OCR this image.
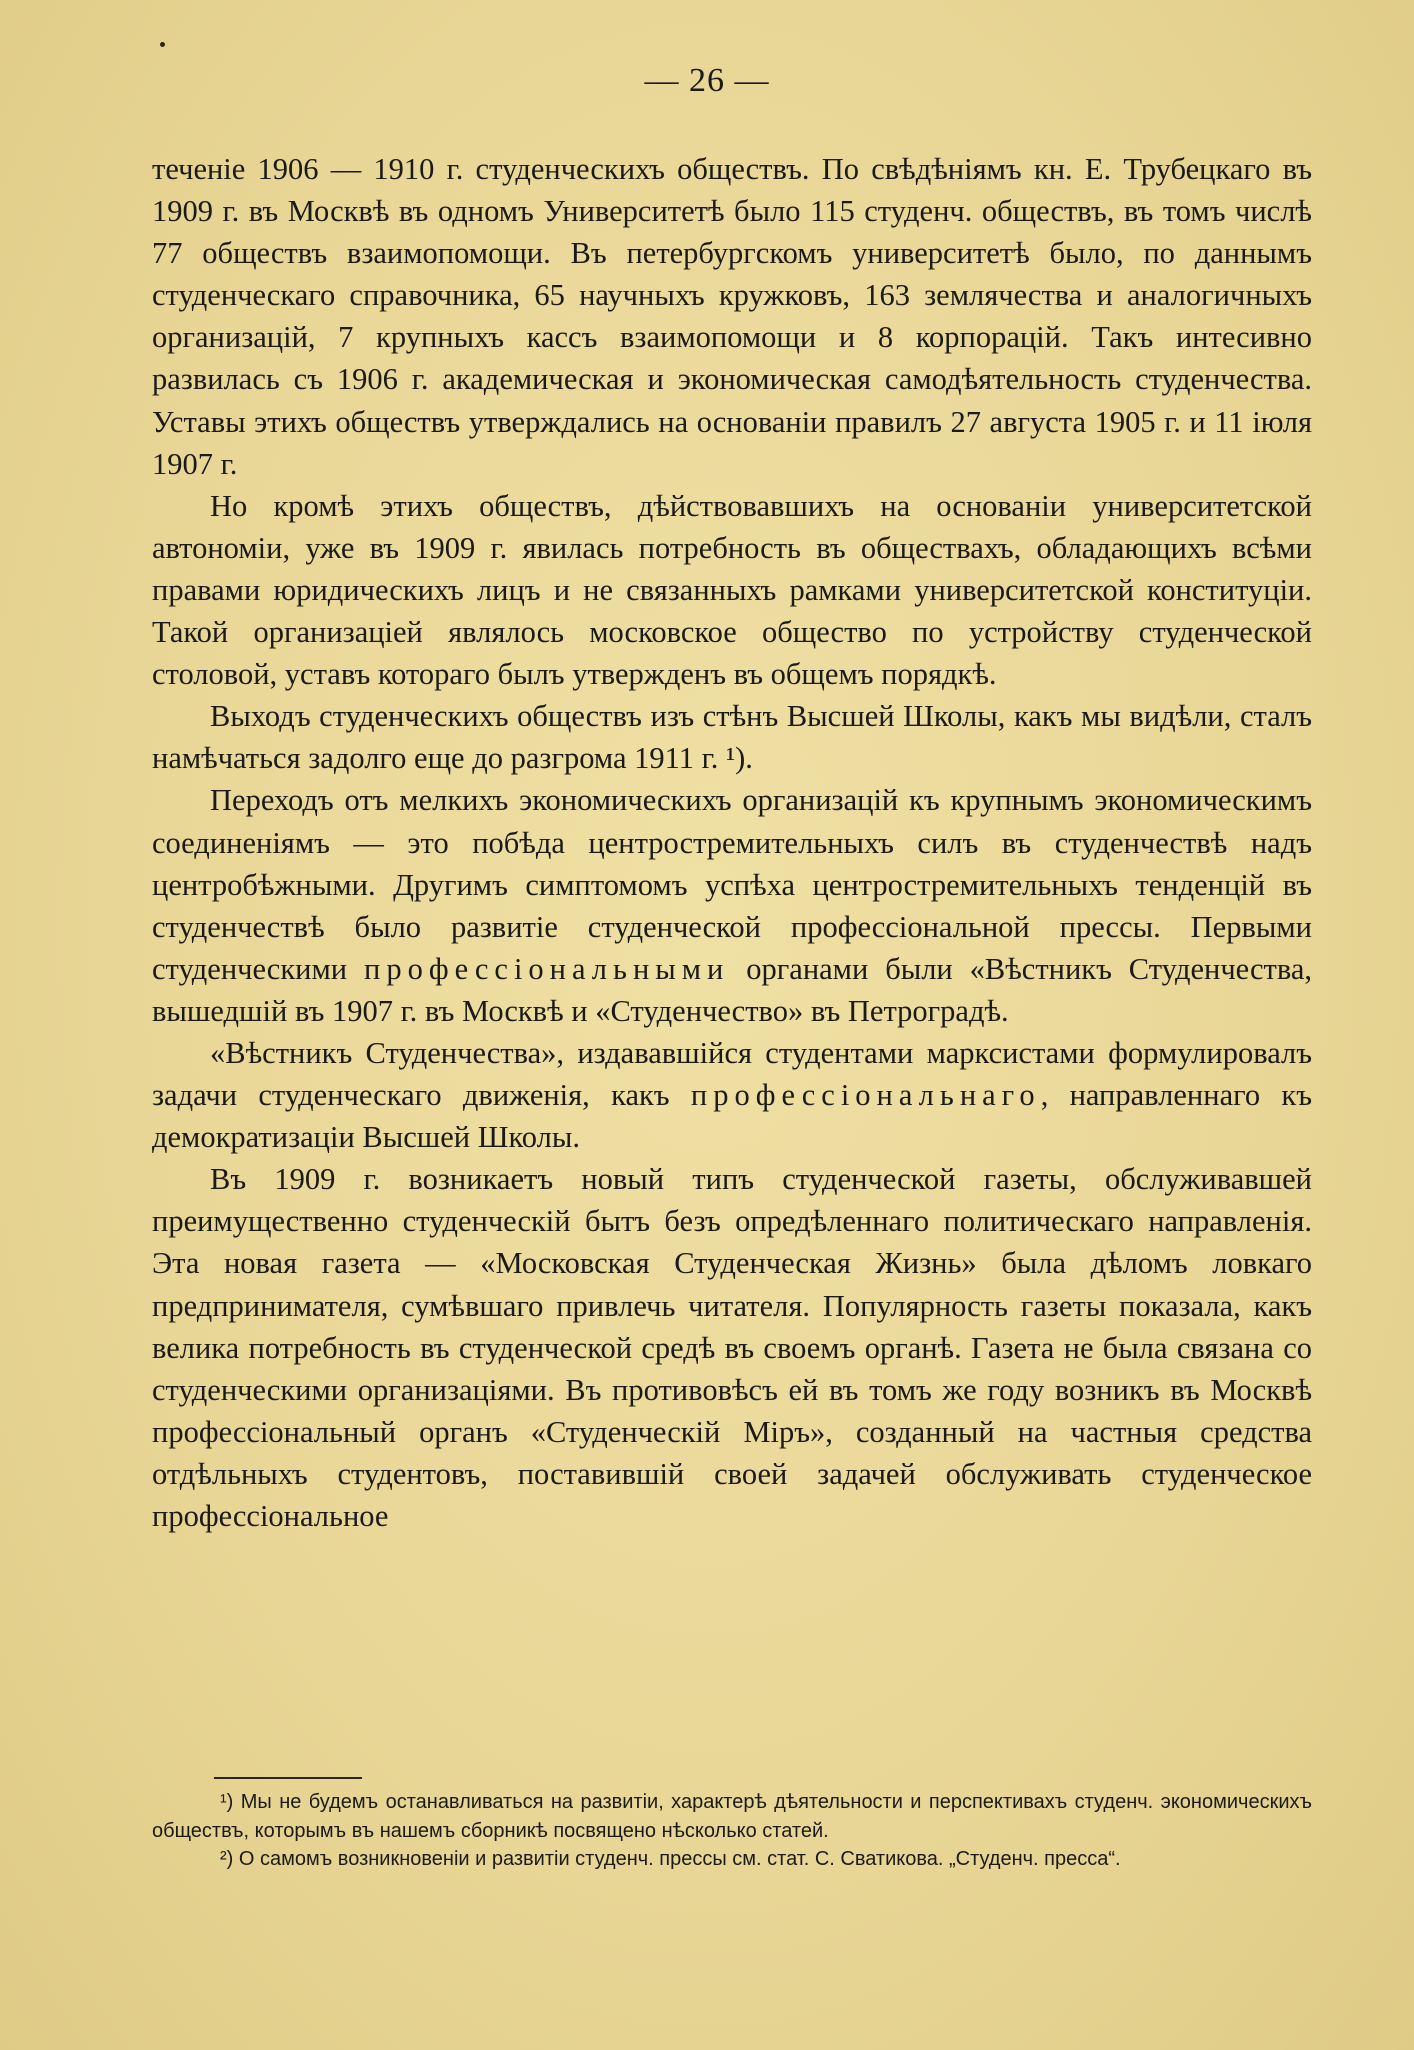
— 26 —

теченіе 1906 — 1910 г. студенческихъ обществъ. По свѣдѣніямъ кн. Е. Трубецкаго въ 1909 г. въ Москвѣ въ одномъ Университетѣ было 115 студенч. обществъ, въ томъ числѣ 77 обществъ взаимопомощи. Въ петербургскомъ университетѣ было, по даннымъ студенческаго справочника, 65 научныхъ кружковъ, 163 землячества и аналогичныхъ организацій, 7 крупныхъ кассъ взаимопомощи и 8 корпорацій. Такъ интесивно развилась съ 1906 г. академическая и экономическая самодѣятельность студенчества. Уставы этихъ обществъ утверждались на основаніи правилъ 27 августа 1905 г. и 11 іюля 1907 г.

Но кромѣ этихъ обществъ, дѣйствовавшихъ на основаніи университетской автономіи, уже въ 1909 г. явилась потребность въ обществахъ, обладающихъ всѣми правами юридическихъ лицъ и не связанныхъ рамками университетской конституціи. Такой организаціей являлось московское общество по устройству студенческой столовой, уставъ котораго былъ утвержденъ въ общемъ порядкѣ.

Выходъ студенческихъ обществъ изъ стѣнъ Высшей Школы, какъ мы видѣли, сталъ намѣчаться задолго еще до разгрома 1911 г. ¹).

Переходъ отъ мелкихъ экономическихъ организацій къ крупнымъ экономическимъ соединеніямъ — это побѣда центростремительныхъ силъ въ студенчествѣ надъ центробѣжными. Другимъ симптомомъ успѣха центростремительныхъ тенденцій въ студенчествѣ было развитіе студенческой профессіональной прессы. Первыми студенческими профессіональными органами были «Вѣстникъ Студенчества, вышедшій въ 1907 г. въ Москвѣ и «Студенчество» въ Петроградѣ.

«Вѣстникъ Студенчества», издававшійся студентами марксистами формулировалъ задачи студенческаго движенія, какъ профессіональнаго, направленнаго къ демократизаціи Высшей Школы.

Въ 1909 г. возникаетъ новый типъ студенческой газеты, обслуживавшей преимущественно студенческій бытъ безъ опредѣленнаго политическаго направленія. Эта новая газета — «Московская Студенческая Жизнь» была дѣломъ ловкаго предпринимателя, сумѣвшаго привлечь читателя. Популярность газеты показала, какъ велика потребность въ студенческой средѣ въ своемъ органѣ. Газета не была связана со студенческими организаціями. Въ противовѣсъ ей въ томъ же году возникъ въ Москвѣ профессіональный органъ «Студенческій Міръ», созданный на частныя средства отдѣльныхъ студентовъ, поставившій своей задачей обслуживать студенческое профессіональное

¹) Мы не будемъ останавливаться на развитіи, характерѣ дѣятельности и перспективахъ студенч. экономическихъ обществъ, которымъ въ нашемъ сборникѣ посвящено нѣсколько статей.

²) О самомъ возникновеніи и развитіи студенч. прессы см. стат. С. Сватикова. „Студенч. пресса“.
